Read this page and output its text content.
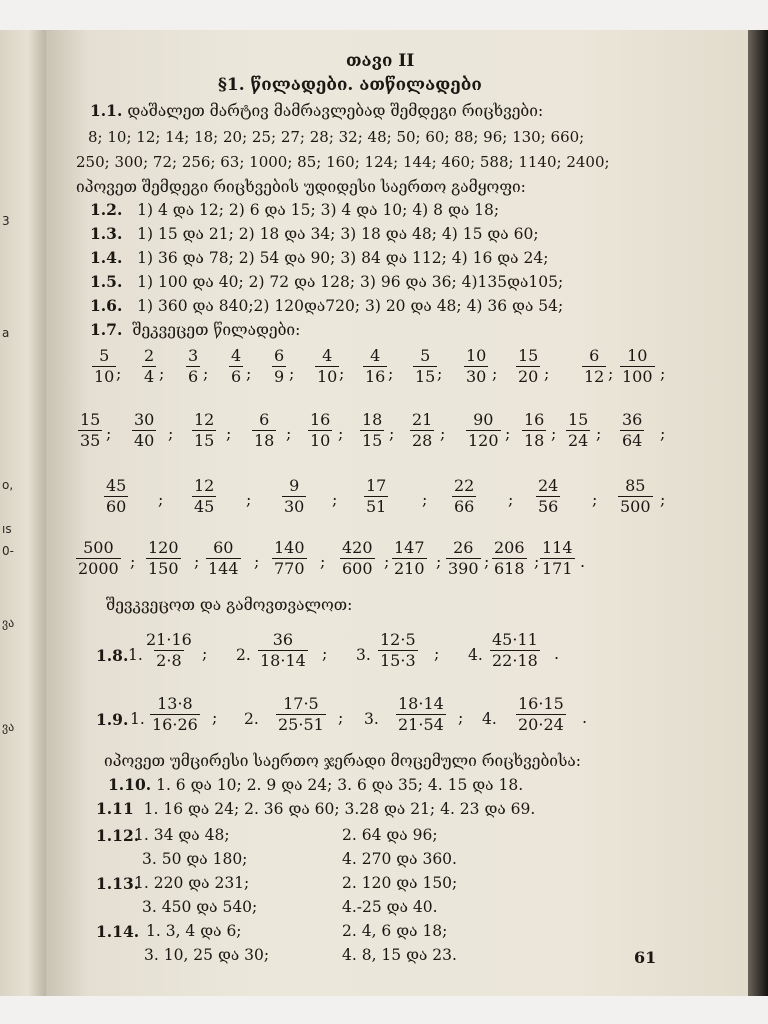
3
а
о,
ıs
0-
ვა
ვა
თავი II
§1. წილადები. ათწილადები
1.1. დაშალეთ მარტივ მამრავლებად შემდეგი რიცხვები:
8; 10; 12; 14; 18; 20; 25; 27; 28; 32; 48; 50; 60; 88; 96; 130; 660;
250; 300; 72; 256; 63; 1000; 85; 160; 124; 144; 460; 588; 1140; 2400;
იპოვეთ შემდეგი რიცხვების უდიდესი საერთო გამყოფი:
1.2. 1) 4 და 12; 2) 6 და 15; 3) 4 და 10; 4) 8 და 18;
1.3. 1) 15 და 21; 2) 18 და 34; 3) 18 და 48; 4) 15 და 60;
1.4. 1) 36 და 78; 2) 54 და 90; 3) 84 და 112; 4) 16 და 24;
1.5. 1) 100 და 40; 2) 72 და 128; 3) 96 და 36; 4)135და105;
1.6. 1) 360 და 840;2) 120და720; 3) 20 და 48; 4) 36 და 54;
1.7. შეკვეცეთ წილადები:
$\frac{5}{10}$ ; $\frac{2}{4}$ ; $\frac{3}{6}$ ; $\frac{4}{6}$ ; $\frac{6}{9}$ ; $\frac{4}{10}$ ; $\frac{4}{16}$ ; $\frac{5}{15}$ ; $\frac{10}{30}$ ; $\frac{15}{20}$ ; $\frac{6}{12}$ ; $\frac{10}{100}$ ;
$\frac{15}{35}$ ; $\frac{30}{40}$ ; $\frac{12}{15}$ ; $\frac{6}{18}$ ; $\frac{16}{10}$ ; $\frac{18}{15}$ ; $\frac{21}{28}$ ; $\frac{90}{120}$ ; $\frac{16}{18}$ ; $\frac{15}{24}$ ; $\frac{36}{64}$ ;
$\frac{45}{60}$ ; $\frac{12}{45}$ ; $\frac{9}{30}$ ; $\frac{17}{51}$ ; $\frac{22}{66}$ ; $\frac{24}{56}$ ; $\frac{85}{500}$ ;
$\frac{500}{2000}$ ; $\frac{120}{150}$ ; $\frac{60}{144}$ ; $\frac{140}{770}$ ; $\frac{420}{600}$ ; $\frac{147}{210}$ ; $\frac{26}{390}$ ; $\frac{206}{618}$ ; $\frac{114}{171}$ .
შევკვეცოთ და გამოვთვალოთ:
1.8. 1. $\frac{21\cdot 16}{2\cdot 8}$ ; 2. $\frac{36}{18\cdot 14}$ ; 3. $\frac{12\cdot 5}{15\cdot 3}$ ; 4. $\frac{45\cdot 11}{22\cdot 18}$ .
1.9. 1. $\frac{13\cdot 8}{16\cdot 26}$ ; 2. $\frac{17\cdot 5}{25\cdot 51}$ ; 3. $\frac{18\cdot 14}{21\cdot 54}$ ; 4. $\frac{16\cdot 15}{20\cdot 24}$ .
იპოვეთ უმცირესი საერთო ჯერადი მოცემული რიცხვებისა:
1.10. 1. 6 და 10; 2. 9 და 24; 3. 6 და 35; 4. 15 და 18.
1.11 1. 16 და 24; 2. 36 და 60; 3.28 და 21; 4. 23 და 69.
1.12.
1. 34 და 48;	2. 64 და 96;
3. 50 და 180;	4. 270 და 360.
1.13.
1. 220 და 231;	2. 120 და 150;
3. 450 და 540;	4.-25 და 40.
1.14. 1. 3, 4 და 6;	2. 4, 6 და 18;
3. 10, 25 და 30;	4. 8, 15 და 23.	61
